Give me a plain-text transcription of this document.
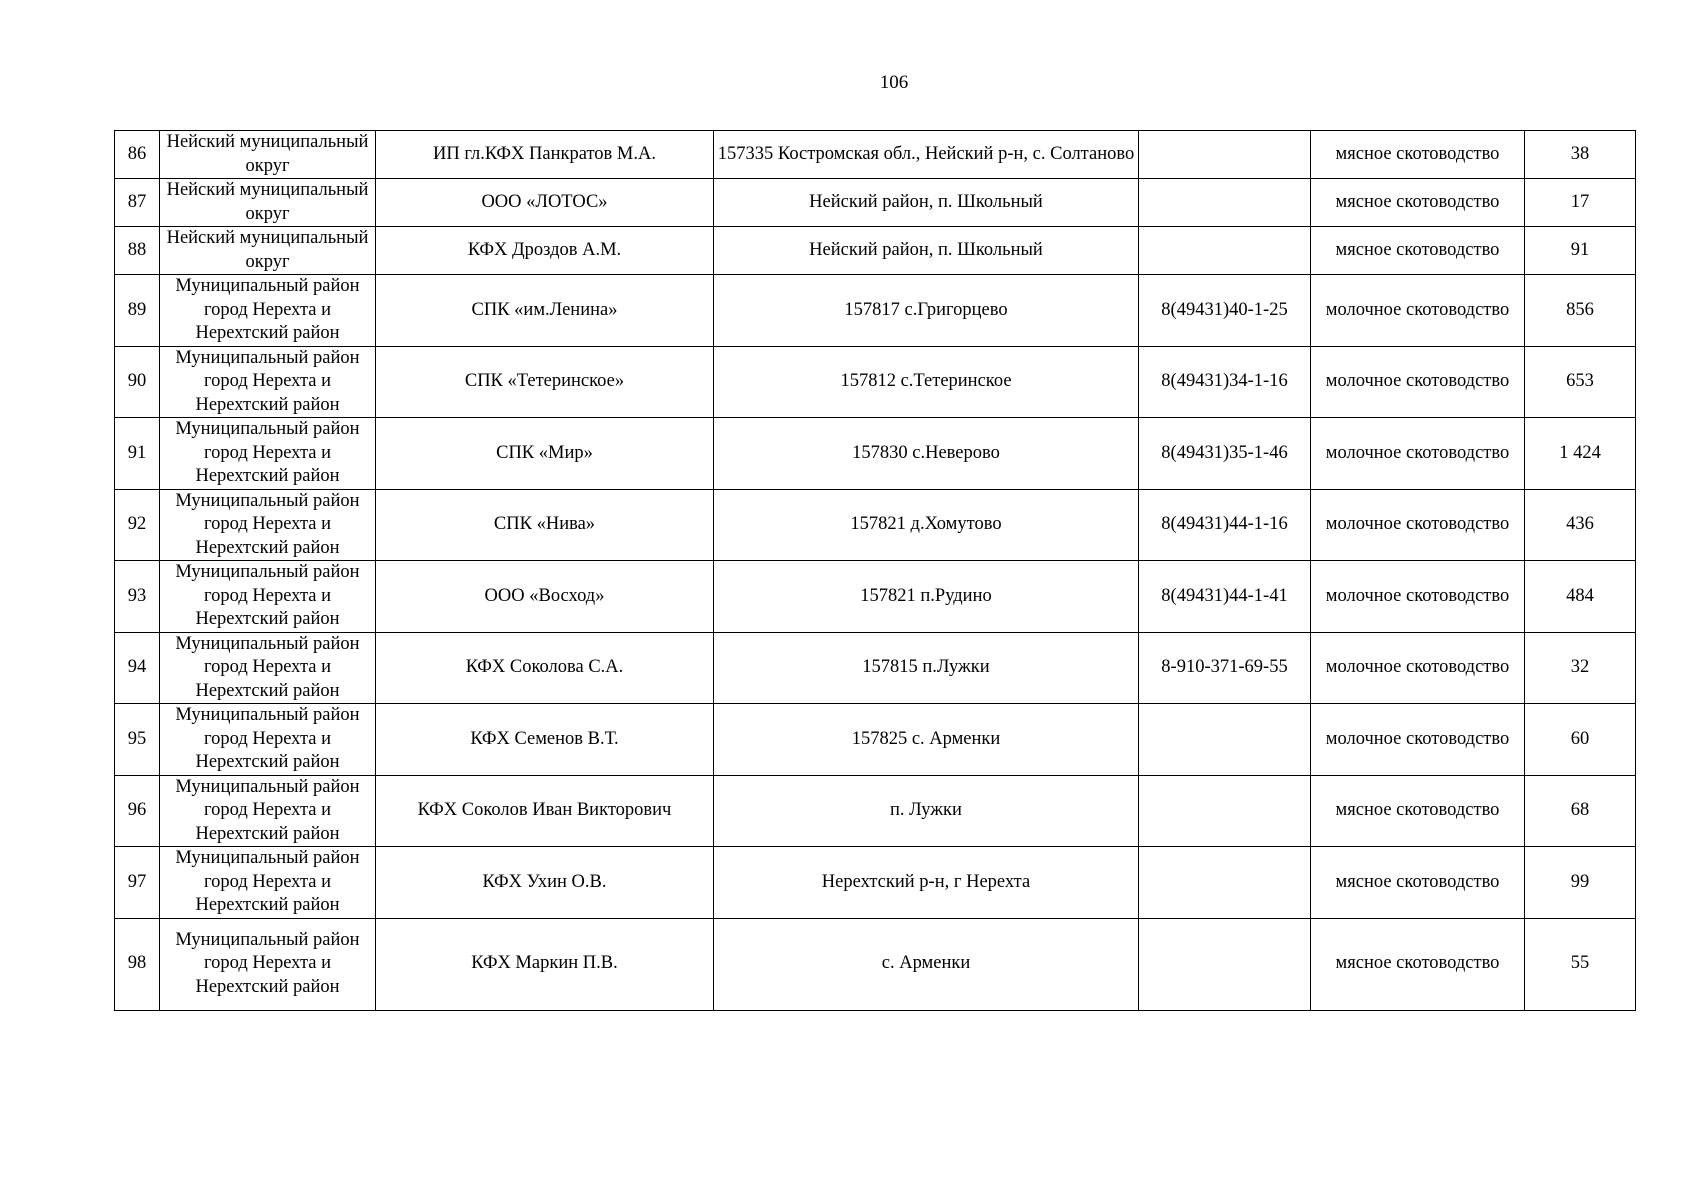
106
86	Нейский муниципальный округ	ИП гл.КФХ Панкратов М.А.	157335 Костромская обл., Нейский р-н, с. Солтаново		мясное скотоводство	38
87	Нейский муниципальный округ	ООО «ЛОТОС»	Нейский район, п. Школьный		мясное скотоводство	17
88	Нейский муниципальный округ	КФХ Дроздов А.М.	Нейский район, п. Школьный		мясное скотоводство	91
89	Муниципальный район город Нерехта и Нерехтский район	СПК «им.Ленина»	157817 с.Григорцево	8(49431)40-1-25	молочное скотоводство	856
90	Муниципальный район город Нерехта и Нерехтский район	СПК «Тетеринское»	157812 с.Тетеринское	8(49431)34-1-16	молочное скотоводство	653
91	Муниципальный район город Нерехта и Нерехтский район	СПК «Мир»	157830 с.Неверово	8(49431)35-1-46	молочное скотоводство	1 424
92	Муниципальный район город Нерехта и Нерехтский район	СПК «Нива»	157821 д.Хомутово	8(49431)44-1-16	молочное скотоводство	436
93	Муниципальный район город Нерехта и Нерехтский район	ООО «Восход»	157821 п.Рудино	8(49431)44-1-41	молочное скотоводство	484
94	Муниципальный район город Нерехта и Нерехтский район	КФХ Соколова С.А.	157815 п.Лужки	8-910-371-69-55	молочное скотоводство	32
95	Муниципальный район город Нерехта и Нерехтский район	КФХ Семенов В.Т.	157825 с. Арменки		молочное скотоводство	60
96	Муниципальный район город Нерехта и Нерехтский район	КФХ Соколов Иван Викторович	п. Лужки		мясное скотоводство	68
97	Муниципальный район город Нерехта и Нерехтский район	КФХ Ухин О.В.	Нерехтский р-н, г Нерехта		мясное скотоводство	99
98	Муниципальный район город Нерехта и Нерехтский район	КФХ Маркин П.В.	с. Арменки		мясное скотоводство	55
